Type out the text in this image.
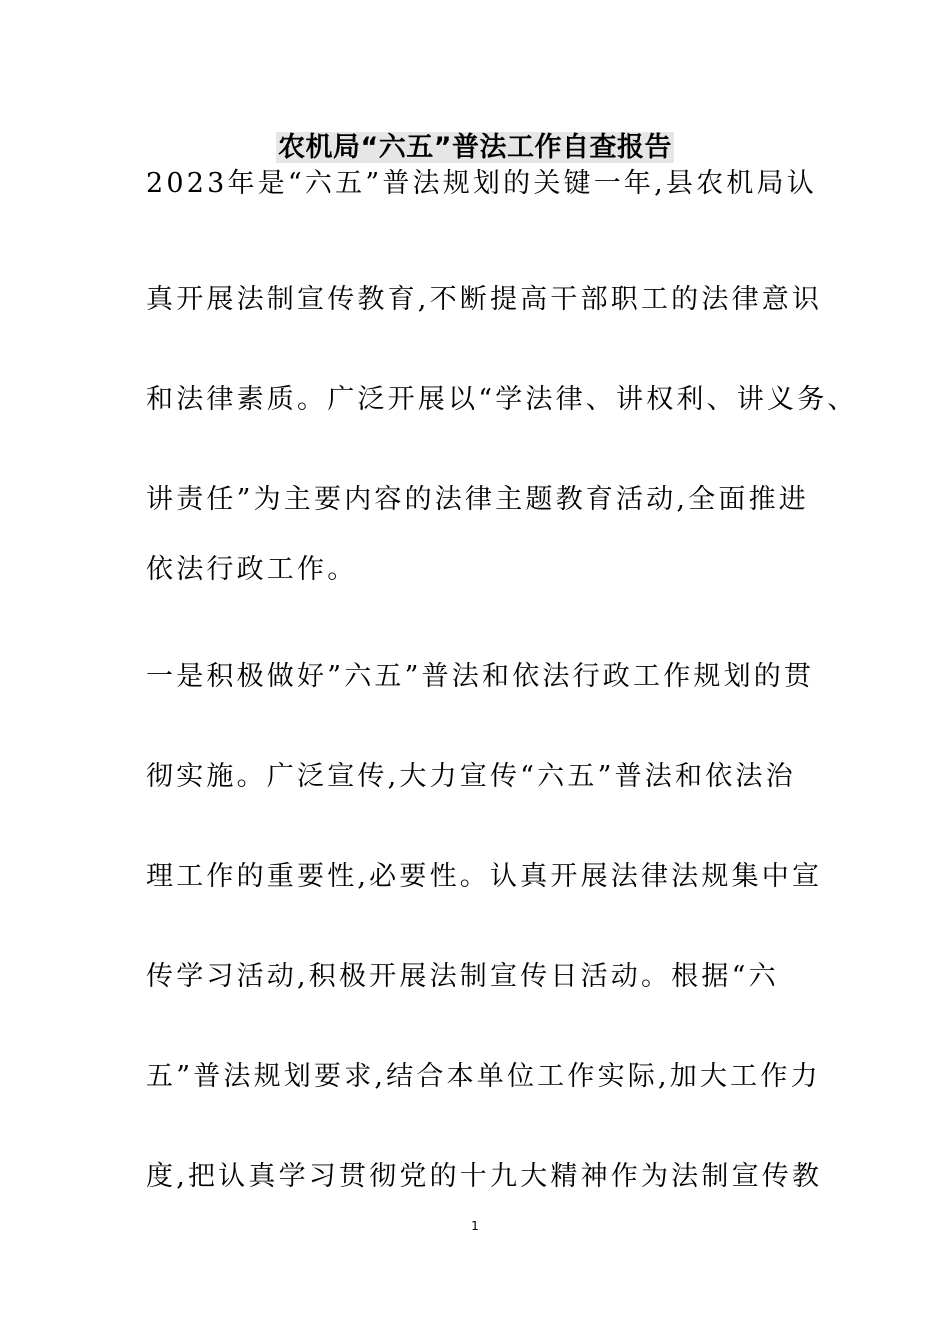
农机局“六五”普法工作自查报告
2023年是“六五”普法规划的关键一年,县农机局认
真开展法制宣传教育,不断提高干部职工的法律意识
和法律素质。广泛开展以“学法律、讲权利、讲义务、
讲责任”为主要内容的法律主题教育活动,全面推进
依法行政工作。
一是积极做好”六五”普法和依法行政工作规划的贯
彻实施。广泛宣传,大力宣传“六五”普法和依法治
理工作的重要性,必要性。认真开展法律法规集中宣
传学习活动,积极开展法制宣传日活动。根据“六
五”普法规划要求,结合本单位工作实际,加大工作力
度,把认真学习贯彻党的十九大精神作为法制宣传教
1
